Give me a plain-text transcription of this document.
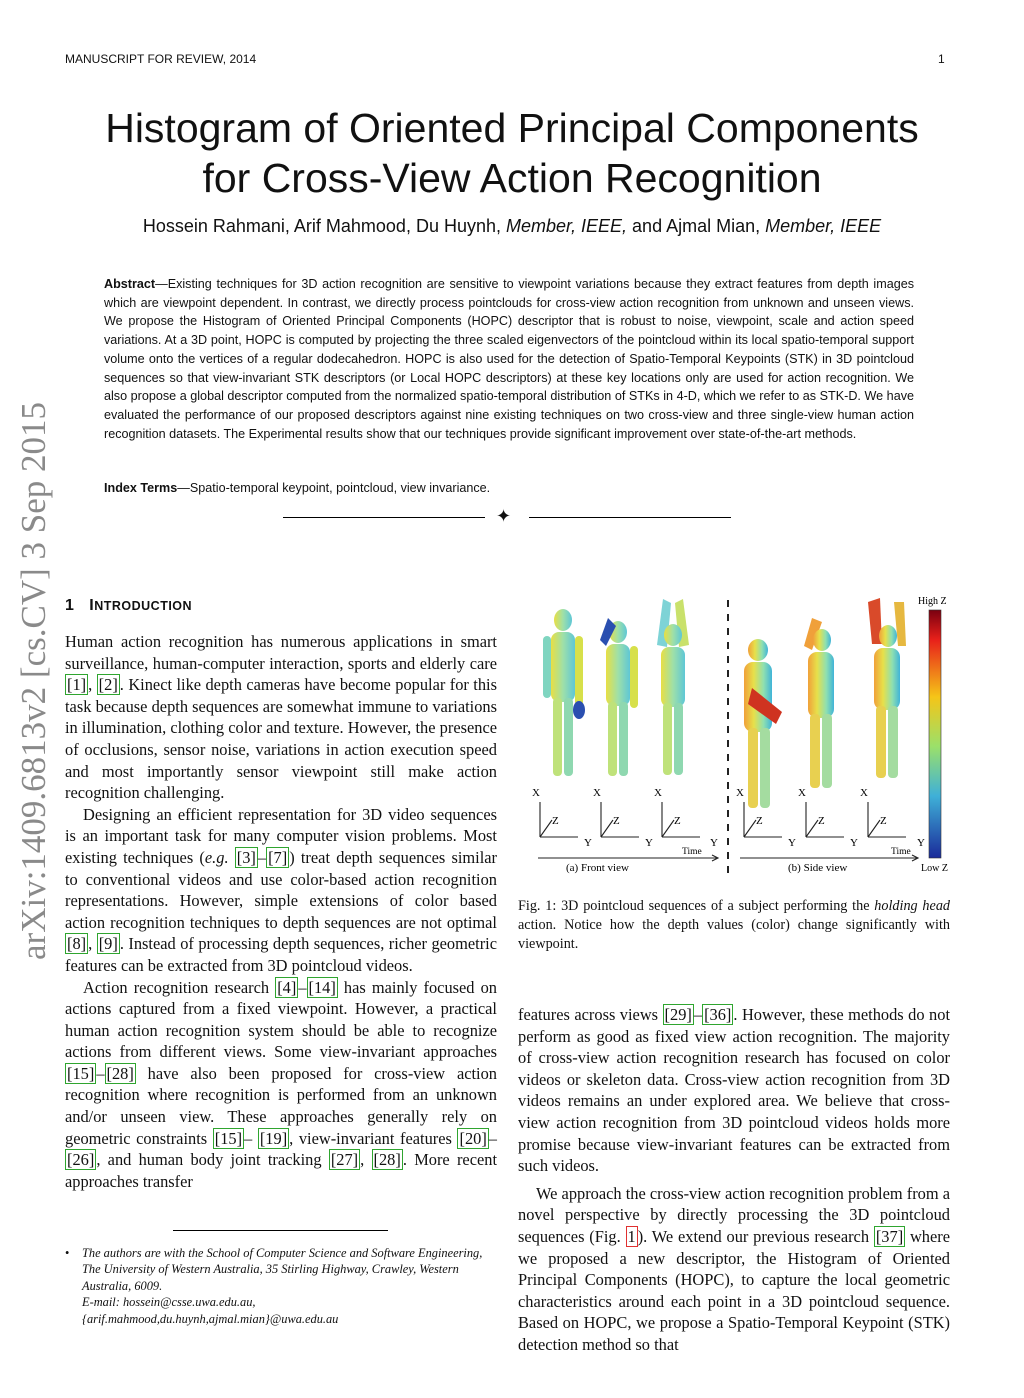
MANUSCRIPT FOR REVIEW, 2014	1
Histogram of Oriented Principal Components
for Cross-View Action Recognition
Hossein Rahmani, Arif Mahmood, Du Huynh, Member, IEEE, and Ajmal Mian, Member, IEEE
Abstract—Existing techniques for 3D action recognition are sensitive to viewpoint variations because they extract features from depth images which are viewpoint dependent. In contrast, we directly process pointclouds for cross-view action recognition from unknown and unseen views. We propose the Histogram of Oriented Principal Components (HOPC) descriptor that is robust to noise, viewpoint, scale and action speed variations. At a 3D point, HOPC is computed by projecting the three scaled eigenvectors of the pointcloud within its local spatio-temporal support volume onto the vertices of a regular dodecahedron. HOPC is also used for the detection of Spatio-Temporal Keypoints (STK) in 3D pointcloud sequences so that view-invariant STK descriptors (or Local HOPC descriptors) at these key locations only are used for action recognition. We also propose a global descriptor computed from the normalized spatio-temporal distribution of STKs in 4-D, which we refer to as STK-D. We have evaluated the performance of our proposed descriptors against nine existing techniques on two cross-view and three single-view human action recognition datasets. The Experimental results show that our techniques provide significant improvement over state-of-the-art methods.
Index Terms—Spatio-temporal keypoint, pointcloud, view invariance.
✦
arXiv:1409.6813v2 [cs.CV] 3 Sep 2015 1 INTRODUCTION

Human action recognition has numerous applications in smart surveillance, human-computer interaction, sports and elderly care [1] , [2] . Kinect like depth cameras have become popular for this task because depth sequences are somewhat immune to variations in illumination, clothing color and texture. However, the presence of occlusions, sensor noise, variations in action execution speed and most importantly sensor viewpoint still make action recognition challenging.

Designing an efficient representation for 3D video sequences is an important task for many computer vision problems. Most existing techniques (e.g. [3] – [7] ) treat depth sequences similar to conventional videos and use color-based action recognition representations. However, simple extensions of color based action recognition techniques to depth sequences are not optimal [8] , [9] . Instead of processing depth sequences, richer geometric features can be extracted from 3D pointcloud videos.

Action recognition research [4] – [14] has mainly focused on actions captured from a fixed viewpoint. However, a practical human action recognition system should be able to recognize actions from different views. Some view-invariant approaches [15] – [28] have also been proposed for cross-view action recognition where recognition is performed from an unknown and/or unseen view. These approaches generally rely on geometric constraints [15] – [19] , view-invariant features [20] –[26] , and human body joint tracking [27] , [28] . More recent approaches transfer

• The authors are with the School of Computer Science and Software Engineering, The University of Western Australia, 35 Stirling Highway, Crawley, Western Australia, 6009.
E-mail: hossein@csse.uwa.edu.au,
{arif.mahmood,du.huynh,ajmal.mian}@uwa.edu.au
High Z
Low Z
X
Y
Z
X
Y
Z
X
Y
Z
X
Y
Z
X
Y
Z
X
Y
Z
Time	Time
(a) Front view	(b) Side view
Fig. 1: 3D pointcloud sequences of a subject performing the holding head action. Notice how the depth values (color) change significantly with viewpoint.

features across views [29] – [36] . However, these methods do not perform as good as fixed view action recognition. The majority of cross-view action recognition research has focused on color videos or skeleton data. Cross-view action recognition from 3D videos remains an under explored area. We believe that cross-view action recognition from 3D pointcloud videos holds more promise because view-invariant features can be extracted from such videos.

We approach the cross-view action recognition problem from a novel perspective by directly processing the 3D pointcloud sequences (Fig. 1 ). We extend our previous research [37] where we proposed a new descriptor, the Histogram of Oriented Principal Components (HOPC), to capture the local geometric characteristics around each point in a 3D pointcloud sequence. Based on HOPC, we propose a Spatio-Temporal Keypoint (STK) detection method so that
